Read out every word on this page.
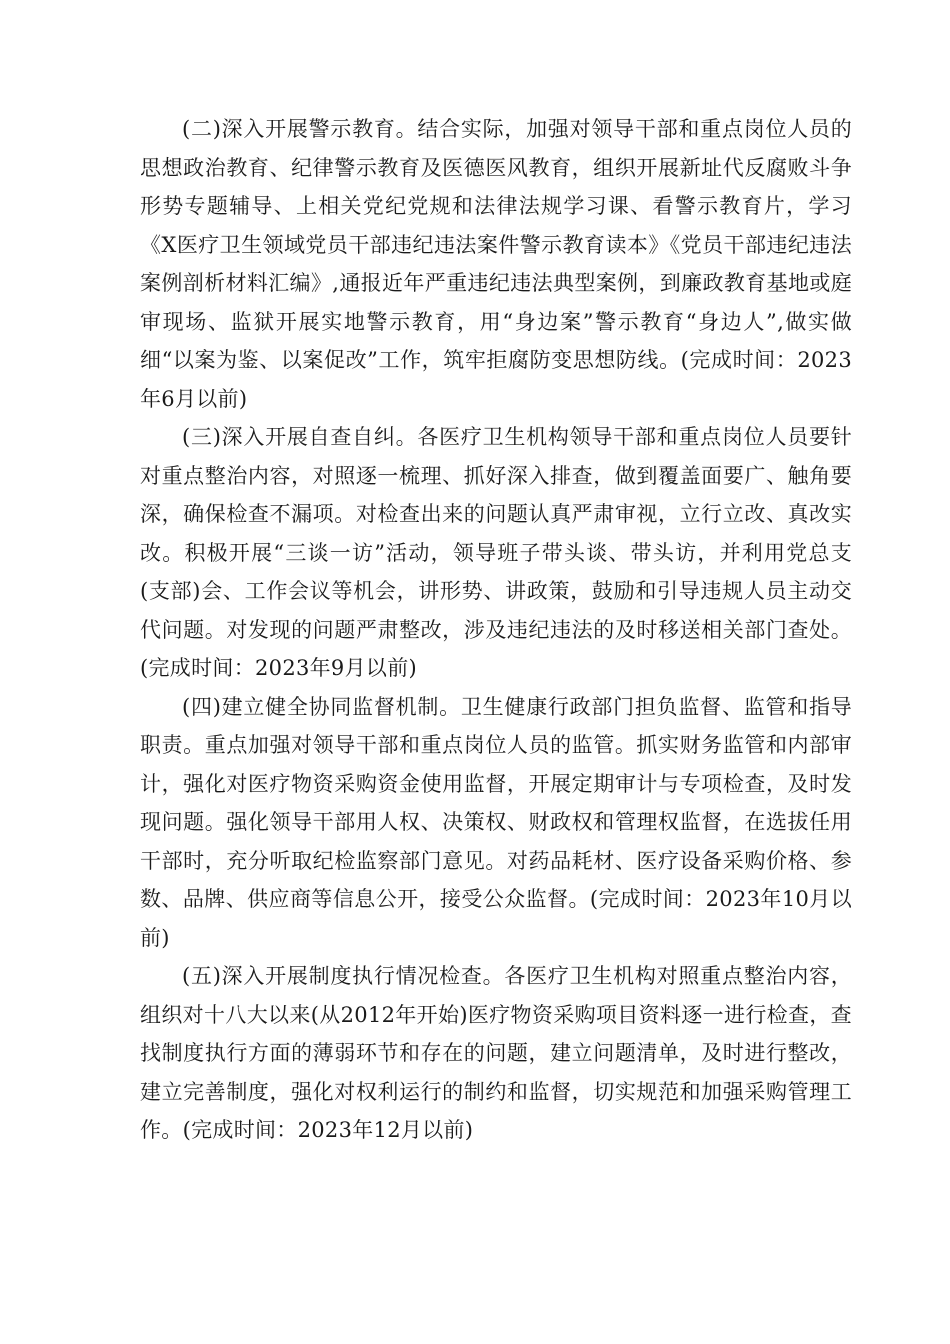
(二)深入开展警示教育。结合实际，加强对领导干部和重点岗位人员的思想政治教育、纪律警示教育及医德医风教育，组织开展新址代反腐败斗争形势专题辅导、上相关党纪党规和法律法规学习课、看警示教育片，学习《X医疗卫生领域党员干部违纪违法案件警示教育读本》《党员干部违纪违法案例剖析材料汇编》,通报近年严重违纪违法典型案例，到廉政教育基地或庭审现场、监狱开展实地警示教育，用“身边案”警示教育“身边人”,做实做细“以案为鉴、以案促改”工作，筑牢拒腐防变思想防线。(完成时间：2023年6月以前)

(三)深入开展自查自纠。各医疗卫生机构领导干部和重点岗位人员要针对重点整治内容，对照逐一梳理、抓好深入排查，做到覆盖面要广、触角要深，确保检查不漏项。对检查出来的问题认真严肃审视，立行立改、真改实改。积极开展“三谈一访”活动，领导班子带头谈、带头访，并利用党总支(支部)会、工作会议等机会，讲形势、讲政策，鼓励和引导违规人员主动交代问题。对发现的问题严肃整改，涉及违纪违法的及时移送相关部门查处。(完成时间：2023年9月以前)

(四)建立健全协同监督机制。卫生健康行政部门担负监督、监管和指导职责。重点加强对领导干部和重点岗位人员的监管。抓实财务监管和内部审计，强化对医疗物资采购资金使用监督，开展定期审计与专项检查，及时发现问题。强化领导干部用人权、决策权、财政权和管理权监督，在选拔任用干部时，充分听取纪检监察部门意见。对药品耗材、医疗设备采购价格、参数、品牌、供应商等信息公开，接受公众监督。(完成时间：2023年10月以前)

(五)深入开展制度执行情况检查。各医疗卫生机构对照重点整治内容，组织对十八大以来(从2012年开始)医疗物资采购项目资料逐一进行检查，查找制度执行方面的薄弱环节和存在的问题，建立问题清单，及时进行整改，建立完善制度，强化对权利运行的制约和监督，切实规范和加强采购管理工作。(完成时间：2023年12月以前)
